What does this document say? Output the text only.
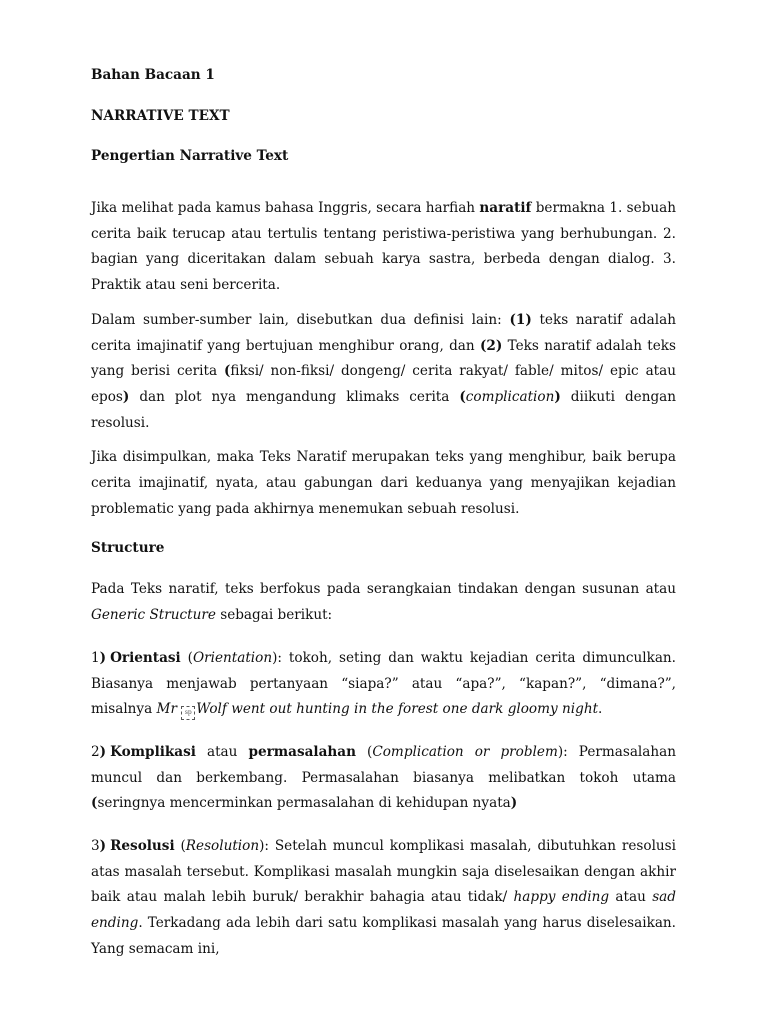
Bahan Bacaan 1

NARRATIVE TEXT

Pengertian Narrative Text

Jika melihat pada kamus bahasa Inggris, secara harfiah naratif bermakna 1. sebuah cerita baik terucap atau tertulis tentang peristiwa-peristiwa yang berhubungan. 2. bagian yang diceritakan dalam sebuah karya sastra, berbeda dengan dialog. 3. Praktik atau seni bercerita.

Dalam sumber-sumber lain, disebutkan dua definisi lain: (1) teks naratif adalah cerita imajinatif yang bertujuan menghibur orang, dan (2) Teks naratif adalah teks yang berisi cerita (fiksi/ non-fiksi/ dongeng/ cerita rakyat/ fable/ mitos/ epic atau epos) dan plot nya mengandung klimaks cerita (complication) diikuti dengan resolusi.

Jika disimpulkan, maka Teks Naratif merupakan teks yang menghibur, baik berupa cerita imajinatif, nyata, atau gabungan dari keduanya yang menyajikan kejadian problematic yang pada akhirnya menemukan sebuah resolusi.

Structure

Pada Teks naratif, teks berfokus pada serangkaian tindakan dengan susunan atau Generic Structure sebagai berikut:

1) Orientasi (Orientation): tokoh, seting dan waktu kejadian cerita dimunculkan. Biasanya menjawab pertanyaan “siapa?” atau “apa?”, “kapan?”, “dimana?”, misalnya Mr sp Wolf went out hunting in the forest one dark gloomy night.

2) Komplikasi atau permasalahan (Complication or problem): Permasalahan muncul dan berkembang. Permasalahan biasanya melibatkan tokoh utama (seringnya mencerminkan permasalahan di kehidupan nyata)

3) Resolusi (Resolution): Setelah muncul komplikasi masalah, dibutuhkan resolusi atas masalah tersebut. Komplikasi masalah mungkin saja diselesaikan dengan akhir baik atau malah lebih buruk/ berakhir bahagia atau tidak/ happy ending atau sad ending. Terkadang ada lebih dari satu komplikasi masalah yang harus diselesaikan. Yang semacam ini,
